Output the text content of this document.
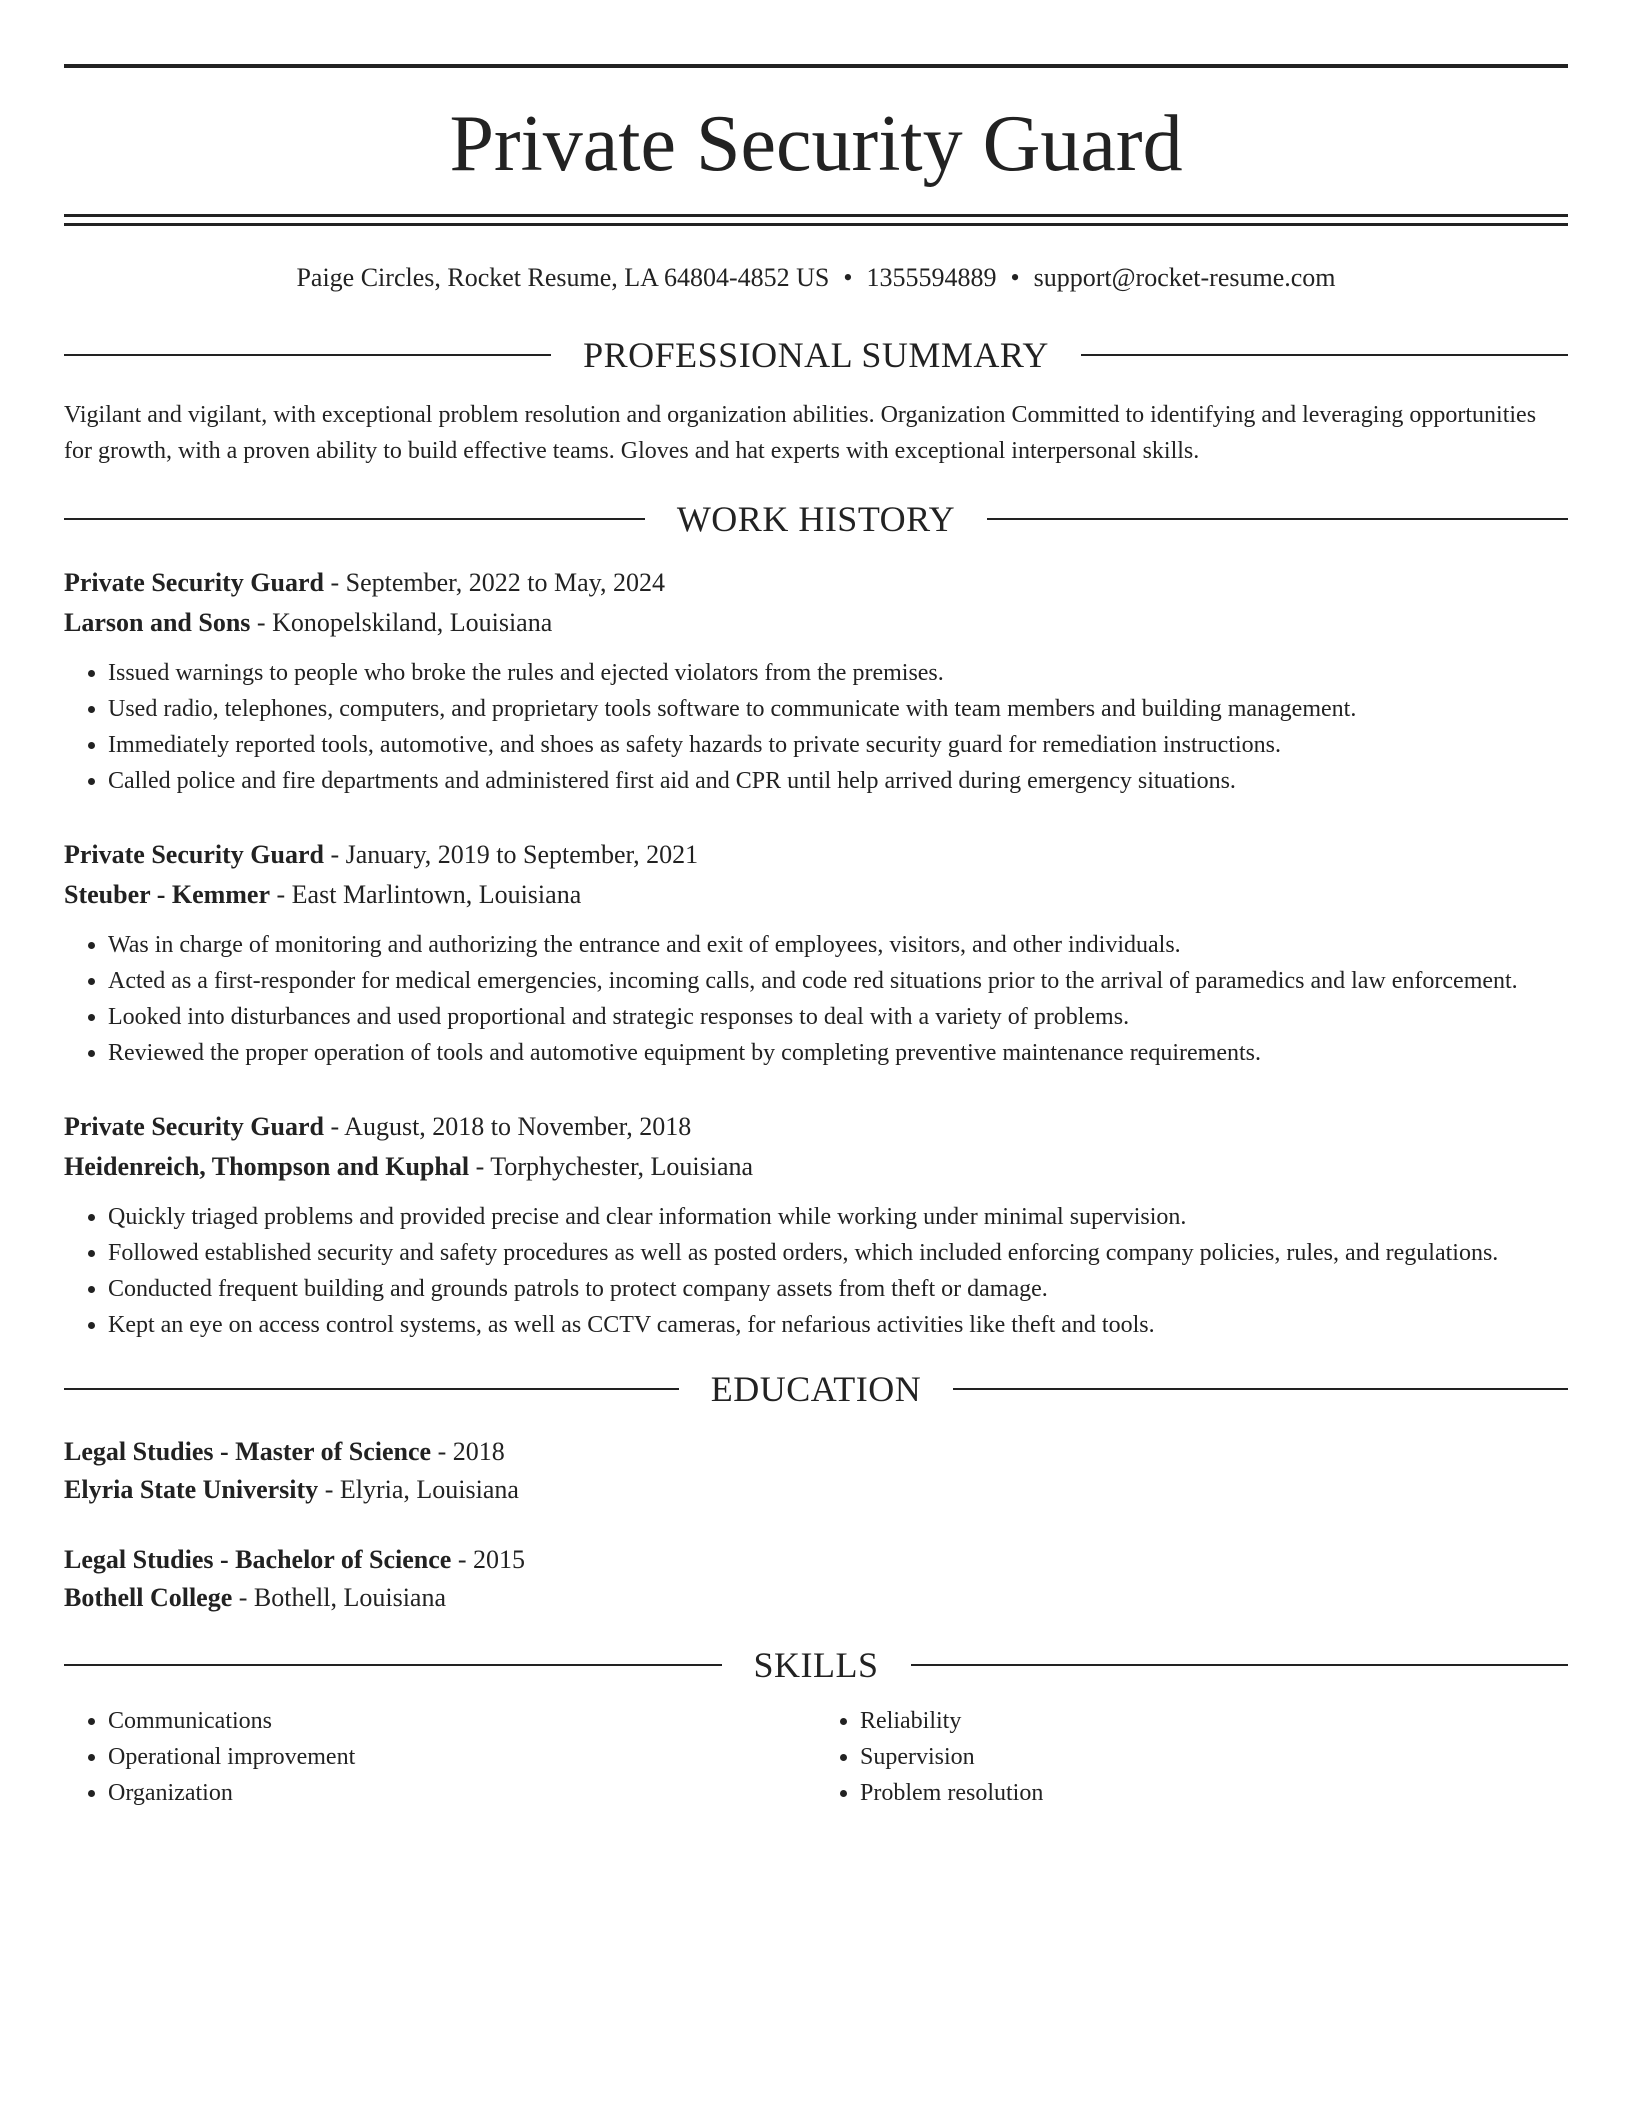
Private Security Guard
Paige Circles, Rocket Resume, LA 64804-4852 US • 1355594889 • support@rocket-resume.com
PROFESSIONAL SUMMARY
Vigilant and vigilant, with exceptional problem resolution and organization abilities. Organization Committed to identifying and leveraging opportunities for growth, with a proven ability to build effective teams. Gloves and hat experts with exceptional interpersonal skills.
WORK HISTORY
Private Security Guard - September, 2022 to May, 2024
Larson and Sons - Konopelskiland, Louisiana
• Issued warnings to people who broke the rules and ejected violators from the premises.
• Used radio, telephones, computers, and proprietary tools software to communicate with team members and building management.
• Immediately reported tools, automotive, and shoes as safety hazards to private security guard for remediation instructions.
• Called police and fire departments and administered first aid and CPR until help arrived during emergency situations.
Private Security Guard - January, 2019 to September, 2021
Steuber - Kemmer - East Marlintown, Louisiana
• Was in charge of monitoring and authorizing the entrance and exit of employees, visitors, and other individuals.
• Acted as a first-responder for medical emergencies, incoming calls, and code red situations prior to the arrival of paramedics and law enforcement.
• Looked into disturbances and used proportional and strategic responses to deal with a variety of problems.
• Reviewed the proper operation of tools and automotive equipment by completing preventive maintenance requirements.
Private Security Guard - August, 2018 to November, 2018
Heidenreich, Thompson and Kuphal - Torphychester, Louisiana
• Quickly triaged problems and provided precise and clear information while working under minimal supervision.
• Followed established security and safety procedures as well as posted orders, which included enforcing company policies, rules, and regulations.
• Conducted frequent building and grounds patrols to protect company assets from theft or damage.
• Kept an eye on access control systems, as well as CCTV cameras, for nefarious activities like theft and tools.
EDUCATION
Legal Studies - Master of Science - 2018
Elyria State University - Elyria, Louisiana
Legal Studies - Bachelor of Science - 2015
Bothell College - Bothell, Louisiana
SKILLS
• Communications
• Operational improvement
• Organization
• Reliability
• Supervision
• Problem resolution
